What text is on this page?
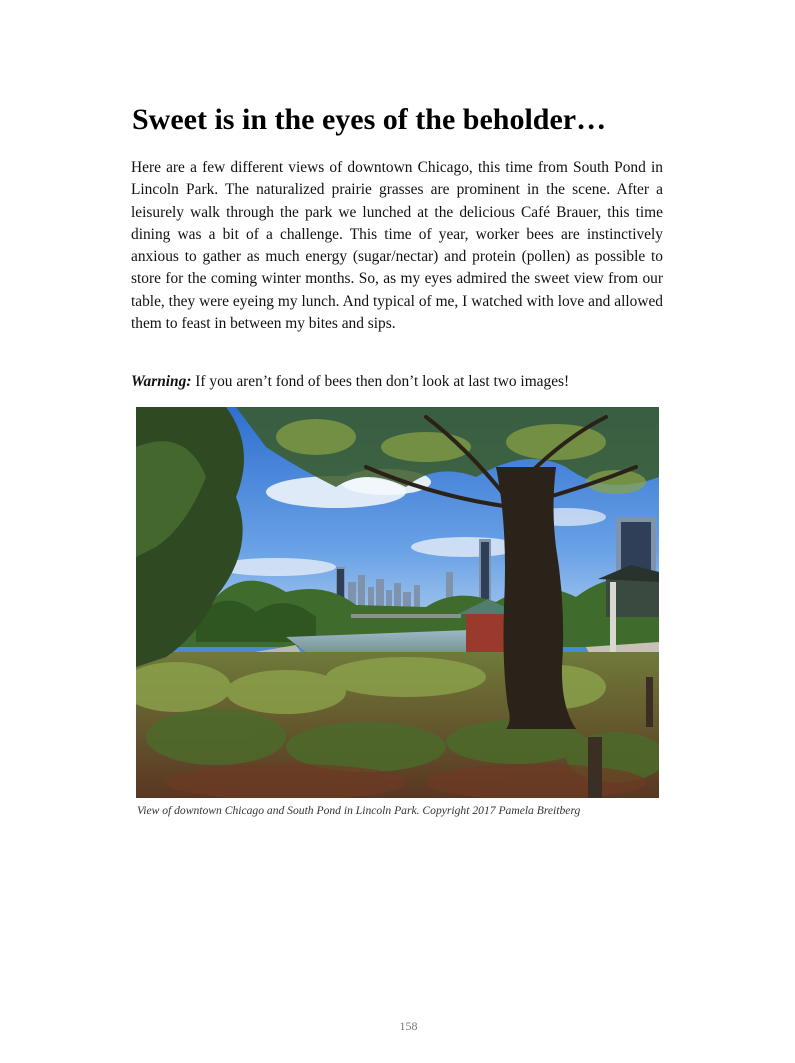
Sweet is in the eyes of the beholder…

Here are a few different views of downtown Chicago, this time from South Pond in Lincoln Park. The naturalized prairie grasses are prominent in the scene. After a leisurely walk through the park we lunched at the delicious Café Brauer, this time dining was a bit of a challenge. This time of year, worker bees are instinctively anxious to gather as much energy (sugar/nectar) and protein (pollen) as possible to store for the coming winter months. So, as my eyes admired the sweet view from our table, they were eyeing my lunch. And typical of me, I watched with love and allowed them to feast in between my bites and sips.

Warning: If you aren’t fond of bees then don’t look at last two images!

View of downtown Chicago and South Pond in Lincoln Park. Copyright 2017 Pamela Breitberg

158
